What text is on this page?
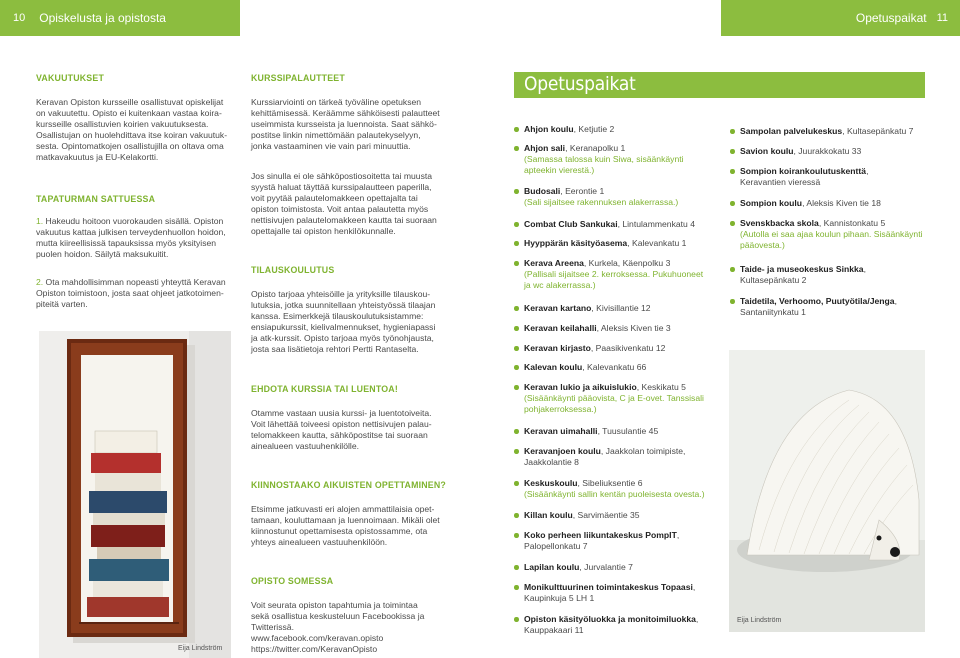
10	Opiskelusta ja opistosta	Opetuspaikat 11
VAKUUTUKSET
Keravan Opiston kursseille osallistuvat opiskelijat
on vakuutettu. Opisto ei kuitenkaan vastaa koira-
kursseille osallistuvien koirien vakuutuksesta.
Osallistujan on huolehdittava itse koiran vakuutuk-
sesta. Opintomatkojen osallistujilla on oltava oma
matkavakuutus ja EU-Kelakortti.
TAPATURMAN SATTUESSA
1. Hakeudu hoitoon vuorokauden sisällä. Opiston
vakuutus kattaa julkisen terveydenhuollon hoidon,
mutta kiireellisissä tapauksissa myös yksityisen
puolen hoidon. Säilytä maksukuitit.
2. Ota mahdollisimman nopeasti yhteyttä Keravan
Opiston toimistoon, josta saat ohjeet jatkotoimen-
piteitä varten.
Eija Lindström
KURSSIPALAUTTEET
Kurssiarviointi on tärkeä työväline opetuksen
kehittämisessä. Keräämme sähköisesti palautteet
useimmista kursseista ja luennoista. Saat sähkö-
postitse linkin nimettömään palautekyselyyn,
jonka vastaaminen vie vain pari minuuttia.
Jos sinulla ei ole sähköpostiosoitetta tai muusta
syystä haluat täyttää kurssipalautteen paperilla,
voit pyytää palautelomakkeen opettajalta tai
opiston toimistosta. Voit antaa palautetta myös
nettisivujen palautelomakkeen kautta tai suoraan
opettajalle tai opiston henkilökunnalle.
TILAUSKOULUTUS
Opisto tarjoaa yhteisöille ja yrityksille tilauskou-
lutuksia, jotka suunnitellaan yhteistyössä tilaajan
kanssa. Esimerkkejä tilauskoulutuksistamme:
ensiapukurssit, kielivalmennukset, hygieniapassi
ja atk-kurssit. Opisto tarjoaa myös työnohjausta,
josta saa lisätietoja rehtori Pertti Rantaselta.
EHDOTA KURSSIA TAI LUENTOA!
Otamme vastaan uusia kurssi- ja luentotoiveita.
Voit lähettää toiveesi opiston nettisivujen palau-
telomakkeen kautta, sähköpostitse tai suoraan
ainealueen vastuuhenkilölle.
KIINNOSTAAKO AIKUISTEN OPETTAMINEN?
Etsimme jatkuvasti eri alojen ammattilaisia opet-
tamaan, kouluttamaan ja luennoimaan. Mikäli olet
kiinnostunut opettamisesta opistossamme, ota
yhteys ainealueen vastuuhenkilöön.
OPISTO SOMESSA
Voit seurata opiston tapahtumia ja toimintaa
sekä osallistua keskusteluun Facebookissa ja
Twitterissä.
www.facebook.com/keravan.opisto
https://twitter.com/KeravanOpisto
Opetuspaikat
Eija Lindström
Ahjon koulu, Ketjutie 2
Ahjon sali, Keranapolku 1
(Samassa talossa kuin Siwa, sisäänkäynti
apteekin vierestä.)
Budosali, Eerontie 1
(Sali sijaitsee rakennuksen alakerrassa.)
Combat Club Sankukai, Lintulammenkatu 4
Hyyppärän käsityöasema, Kalevankatu 1
Kerava Areena, Kurkela, Käenpolku 3
(Pallisali sijaitsee 2. kerroksessa. Pukuhuoneet
ja wc alakerrassa.)
Keravan kartano, Kivisillantie 12
Keravan keilahalli, Aleksis Kiven tie 3
Keravan kirjasto, Paasikivenkatu 12
Kalevan kouIu, Kalevankatu 66
Keravan lukio ja aikuislukio, Keskikatu 5
(Sisäänkäynti pääovista, C ja E-ovet. Tanssisali
pohjakerroksessa.)
Keravan uimahalli, Tuusulantie 45
Keravanjoen koulu, Jaakkolan toimipiste,
Jaakkolantie 8
Keskuskoulu, Sibeliuksentie 6
(Sisäänkäynti sallin kentän puoleisesta ovesta.)
Killan koulu, Sarvimäentie 35
Koko perheen liikuntakeskus PompIT,
Palopellonkatu 7
Lapilan koulu, Jurvalantie 7
Monikulttuurinen toimintakeskus Topaasi,
Kaupinkuja 5 LH 1
Opiston käsityöluokka ja monitoimiluokka,
Kauppakaari 11
Sampolan palvelukeskus, Kultasepänkatu 7
Savion koulu, Juurakkokatu 33
Sompion koirankoulutuskenttä,
Keravantien vieressä
Sompion koulu, Aleksis Kiven tie 18
Svenskbacka skola, Kannistonkatu 5
(Autolla ei saa ajaa koulun pihaan. Sisäänkäynti
pääovesta.)
Taide- ja museokeskus Sinkka,
Kultasepänkatu 2
Taidetila, Verhoomo, Puutyötila/Jenga,
Santaniitynkatu 1
